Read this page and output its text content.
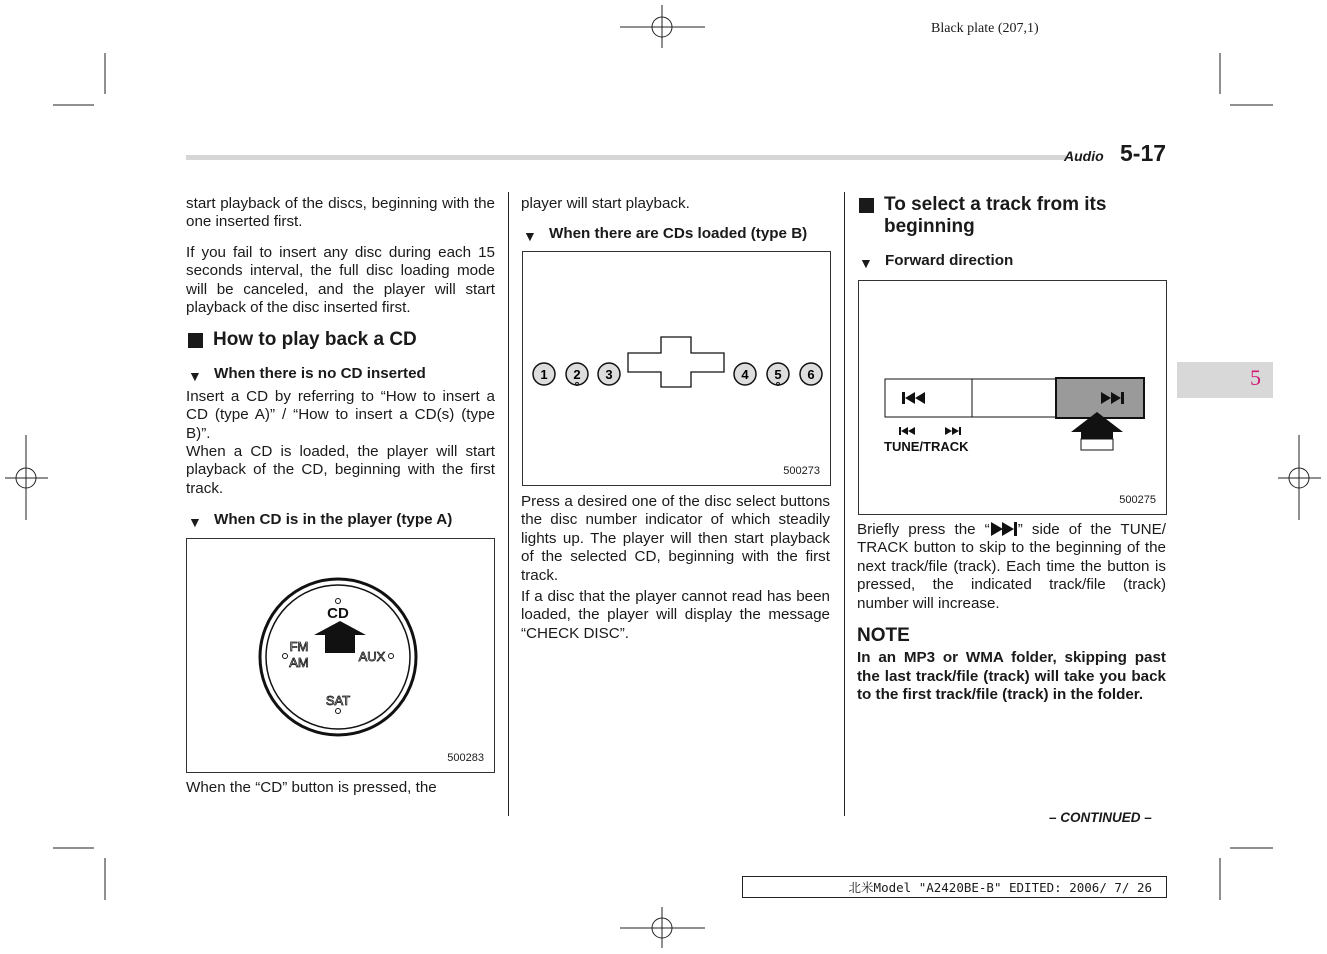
Black plate (207,1)
Audio 5-17
5

start playback of the discs, beginning with the one inserted first.

If you fail to insert any disc during each 15 seconds interval, the full disc loading mode will be canceled, and the player will start playback of the disc inserted first.

How to play back a CD
▼ When there is no CD inserted

Insert a CD by referring to “How to insert a CD (type A)” / “How to insert a CD(s) (type B)”.

When a CD is loaded, the player will start playback of the CD, beginning with the first track.

▼ When CD is in the player (type A)
CD
FM
AM	AUX
SAT
500283

When the “CD” button is pressed, the

player will start playback.

▼ When there are CDs loaded (type B)
1 2 3	4 5 6
500273

Press a desired one of the disc select buttons the disc number indicator of which steadily lights up. The player will then start playback of the selected CD, beginning with the first track.

If a disc that the player cannot read has been loaded, the player will display the message “CHECK DISC”.

To select a track from its beginning
▼ Forward direction
TUNE/TRACK
500275

Briefly press the “ ” side of the TUNE/ TRACK button to skip to the beginning of the next track/file (track). Each time the button is pressed, the indicated track/file (track) number will increase.

NOTE

In an MP3 or WMA folder, skipping past the last track/file (track) will take you back to the first track/file (track) in the folder.

– CONTINUED –
北米Model "A2420BE-B" EDITED: 2006/ 7/ 26
